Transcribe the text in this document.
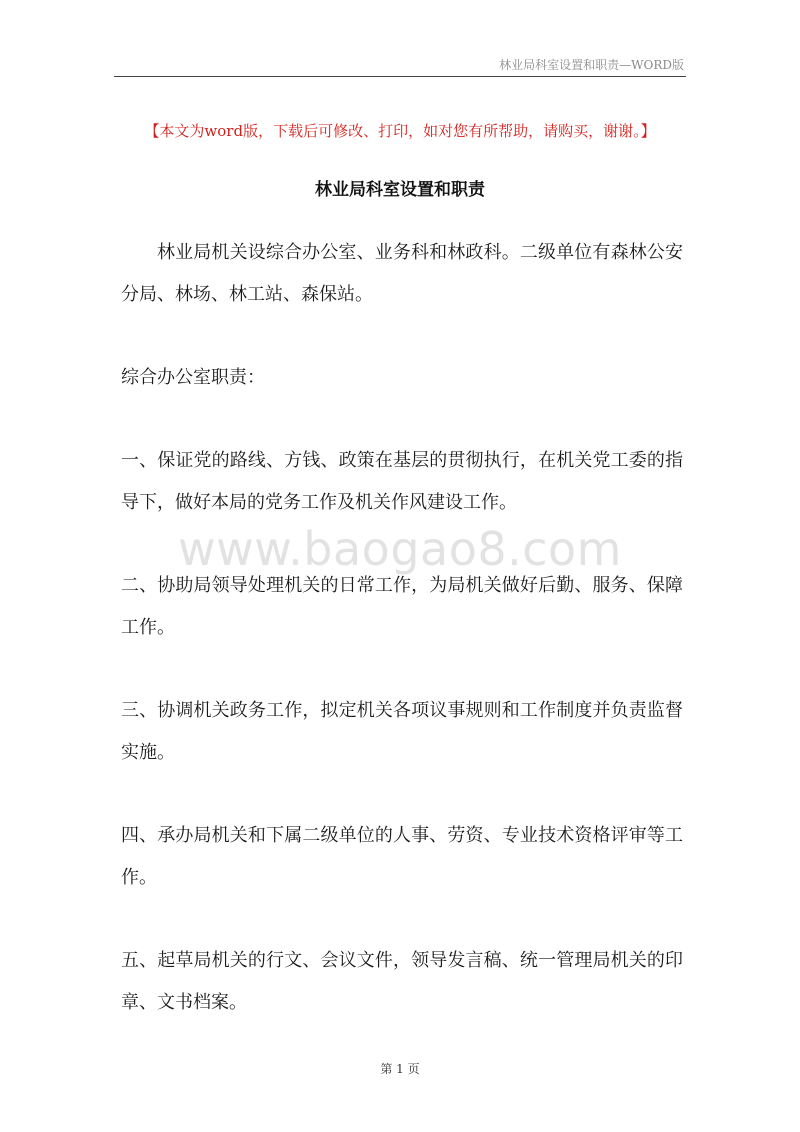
林业局科室设置和职责—WORD版
【本文为word版，下载后可修改、打印，如对您有所帮助，请购买，谢谢。】
林业局科室设置和职责

林业局机关设综合办公室、业务科和林政科。二级单位有森林公安分局、林场、林工站、森保站。

综合办公室职责：

一、保证党的路线、方钱、政策在基层的贯彻执行，在机关党工委的指导下，做好本局的党务工作及机关作风建设工作。

二、协助局领导处理机关的日常工作，为局机关做好后勤、服务、保障工作。

三、协调机关政务工作，拟定机关各项议事规则和工作制度并负责监督实施。

四、承办局机关和下属二级单位的人事、劳资、专业技术资格评审等工作。

五、起草局机关的行文、会议文件，领导发言稿、统一管理局机关的印章、文书档案。

www.baogao8.com
第 1 页
